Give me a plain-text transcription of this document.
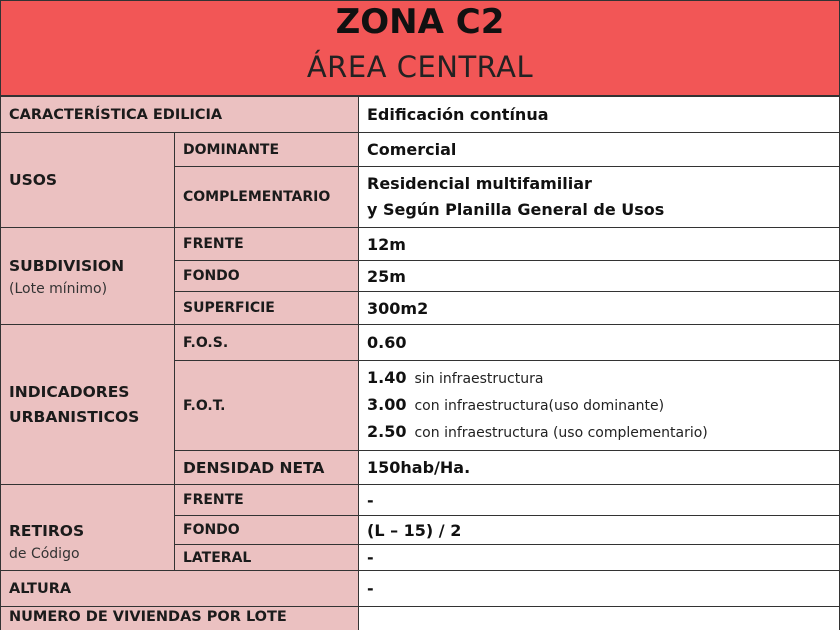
ZONA C2
ÁREA CENTRAL
CARACTERÍSTICA EDILICIA		Edificación contínua

USOS	DOMINANTE	Comercial
	COMPLEMENTARIO	Residencial multifamiliar
y Según Planilla General de Usos

SUBDIVISION
(Lote mínimo)	FRENTE	12m
	FONDO	25m
	SUPERFICIE	300m2

INDICADORES
URBANISTICOS	F.O.S.	0.60
	F.O.T.	1.40 sin infraestructura
3.00 con infraestructura(uso dominante)
2.50 con infraestructura (uso complementario)

	DENSIDAD NETA	150hab/Ha.

RETIROS
de Código	FRENTE	-
	FONDO	(L – 15) / 2
	LATERAL	-
ALTURA		-
NUMERO DE VIVIENDAS POR LOTE		
